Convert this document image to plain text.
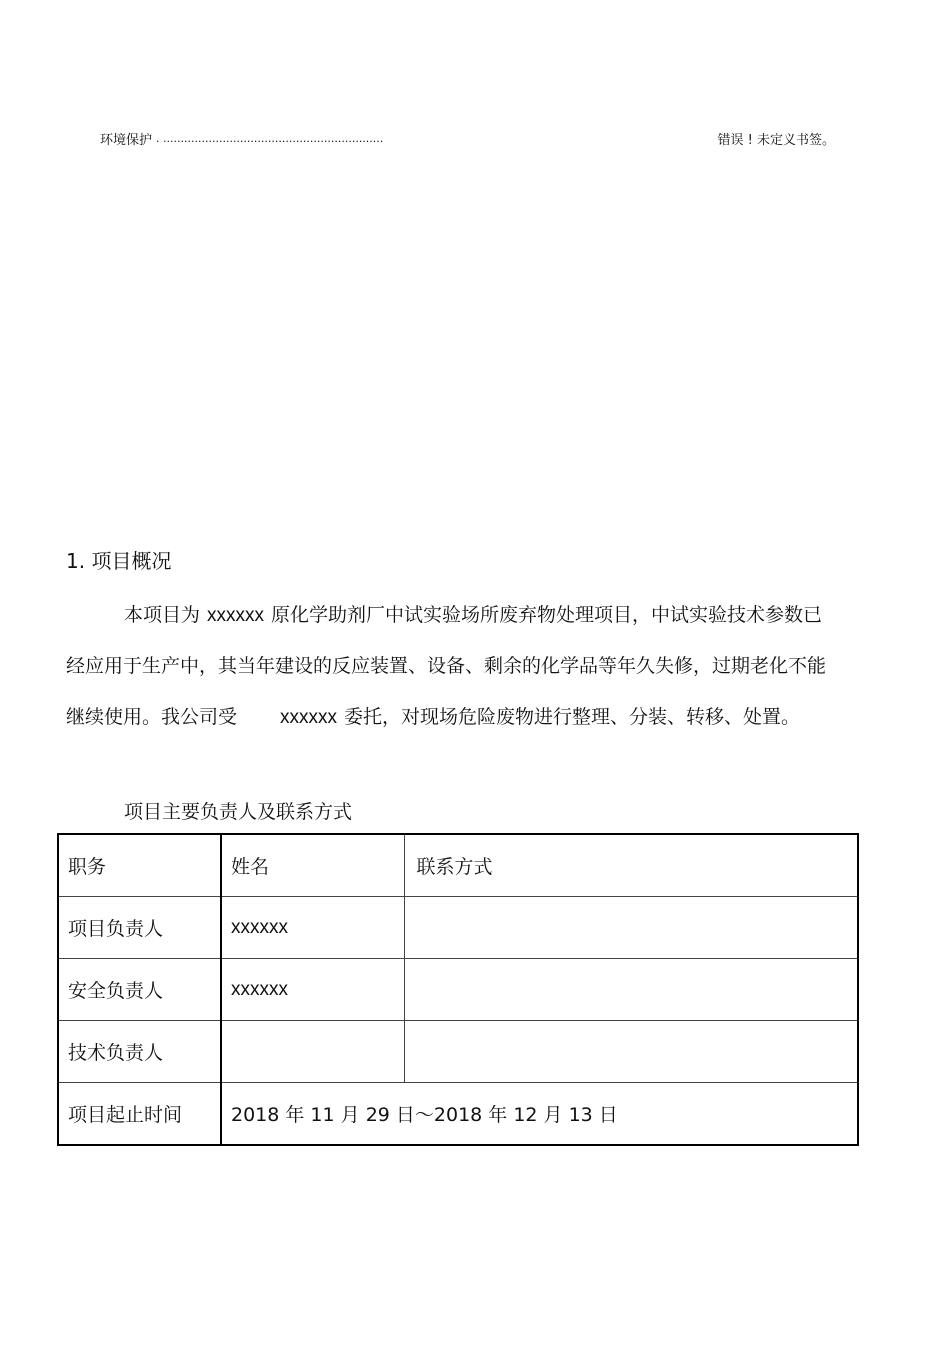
环境保护 . ...............................................................	错误 ! 未定义书签。
1. 项目概况
本项目为 xxxxxx 原化学助剂厂中试实验场所废弃物处理项目，中试实验技术参数已经应用于生产中，其当年建设的反应装置、设备、剩余的化学品等年久失修，过期老化不能继续使用。我公司受 xxxxxx 委托，对现场危险废物进行整理、分装、转移、处置。
项目主要负责人及联系方式
职务	姓名	联系方式
项目负责人	xxxxxx	
安全负责人	xxxxxx	
技术负责人		
项目起止时间	2018 年 11 月 29 日～2018 年 12 月 13 日	
